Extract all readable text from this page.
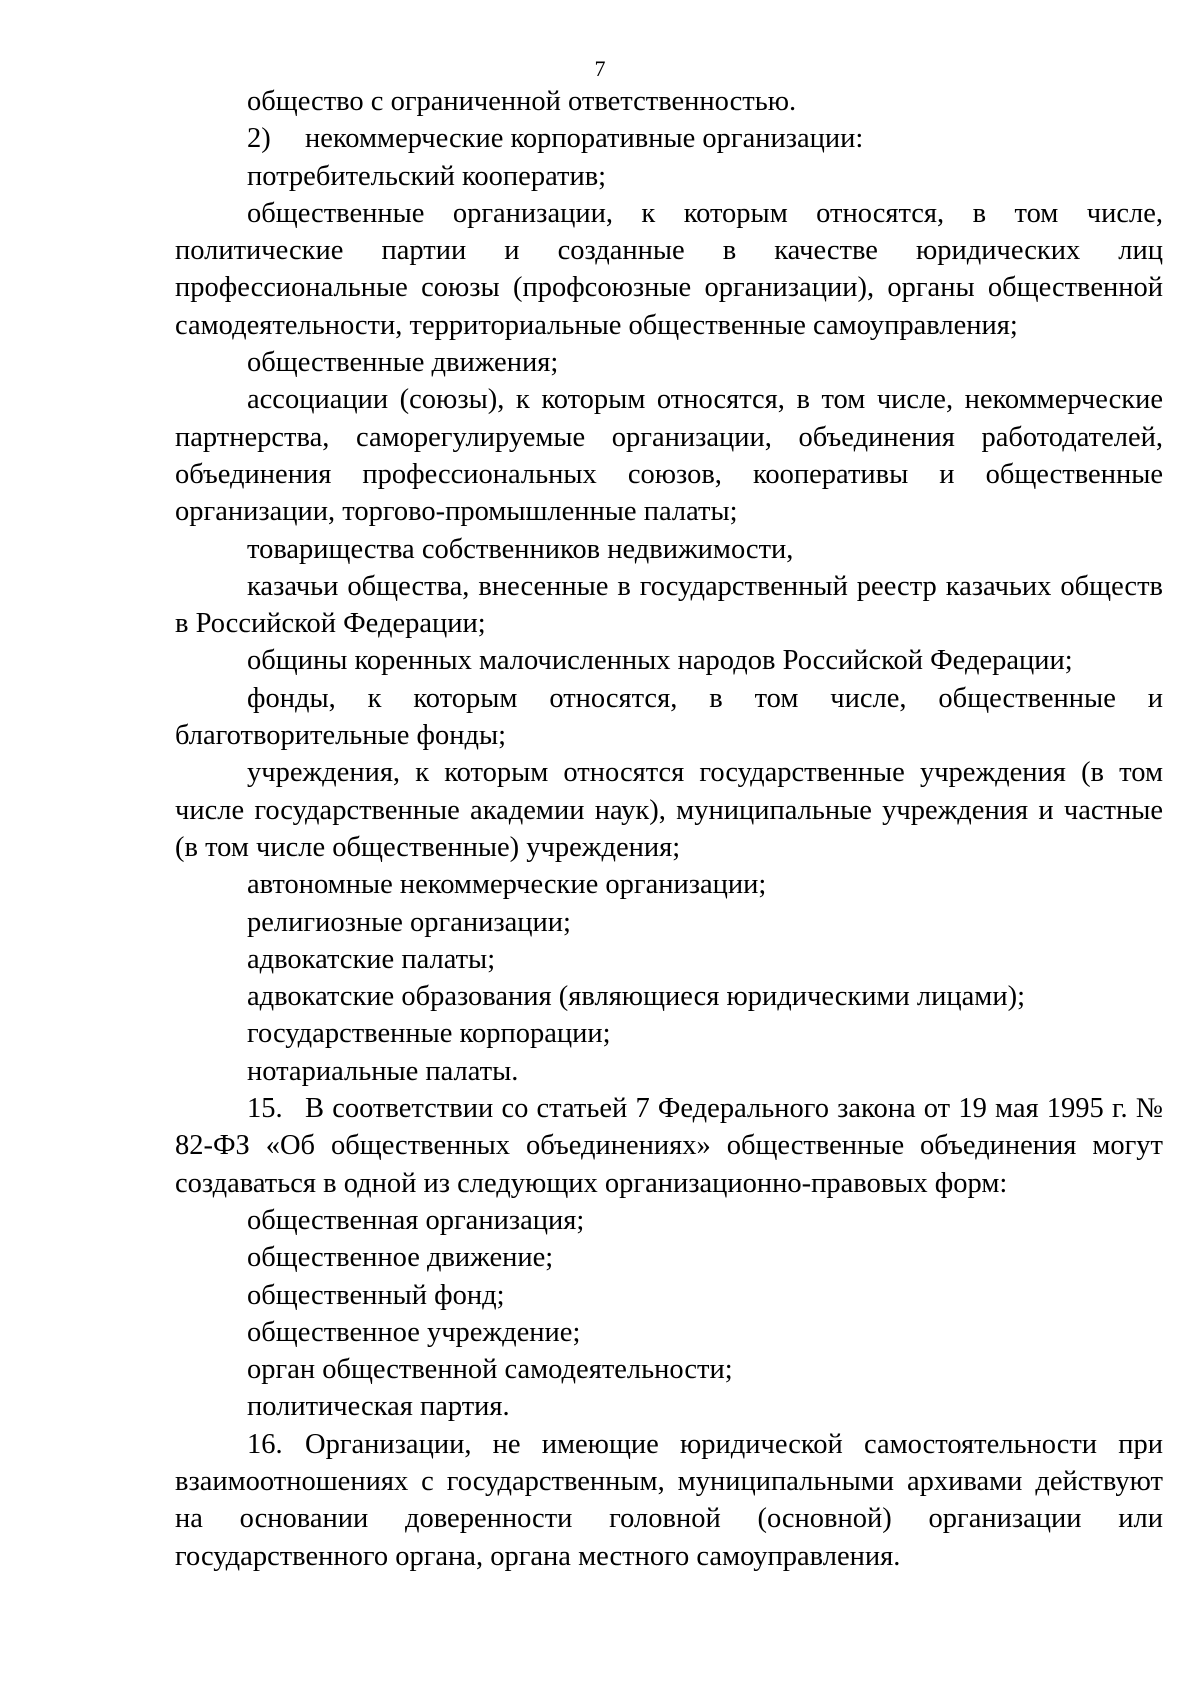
7

общество с ограниченной ответственностью.

2) некоммерческие корпоративные организации:

потребительский кооператив;

общественные организации, к которым относятся, в том числе, политические партии и созданные в качестве юридических лиц профессиональные союзы (профсоюзные организации), органы общественной самодеятельности, территориальные общественные самоуправления;

общественные движения;

ассоциации (союзы), к которым относятся, в том числе, некоммерческие партнерства, саморегулируемые организации, объединения работодателей, объединения профессиональных союзов, кооперативы и общественные организации, торгово-промышленные палаты;

товарищества собственников недвижимости,

казачьи общества, внесенные в государственный реестр казачьих обществ в Российской Федерации;

общины коренных малочисленных народов Российской Федерации;

фонды, к которым относятся, в том числе, общественные и благотворительные фонды;

учреждения, к которым относятся государственные учреждения (в том числе государственные академии наук), муниципальные учреждения и частные (в том числе общественные) учреждения;

автономные некоммерческие организации;

религиозные организации;

адвокатские палаты;

адвокатские образования (являющиеся юридическими лицами);

государственные корпорации;

нотариальные палаты.

15. В соответствии со статьей 7 Федерального закона от 19 мая 1995 г. № 82-ФЗ «Об общественных объединениях» общественные объединения могут создаваться в одной из следующих организационно-правовых форм:

общественная организация;

общественное движение;

общественный фонд;

общественное учреждение;

орган общественной самодеятельности;

политическая партия.

16. Организации, не имеющие юридической самостоятельности при взаимоотношениях с государственным, муниципальными архивами действуют на основании доверенности головной (основной) организации или государственного органа, органа местного самоуправления.
